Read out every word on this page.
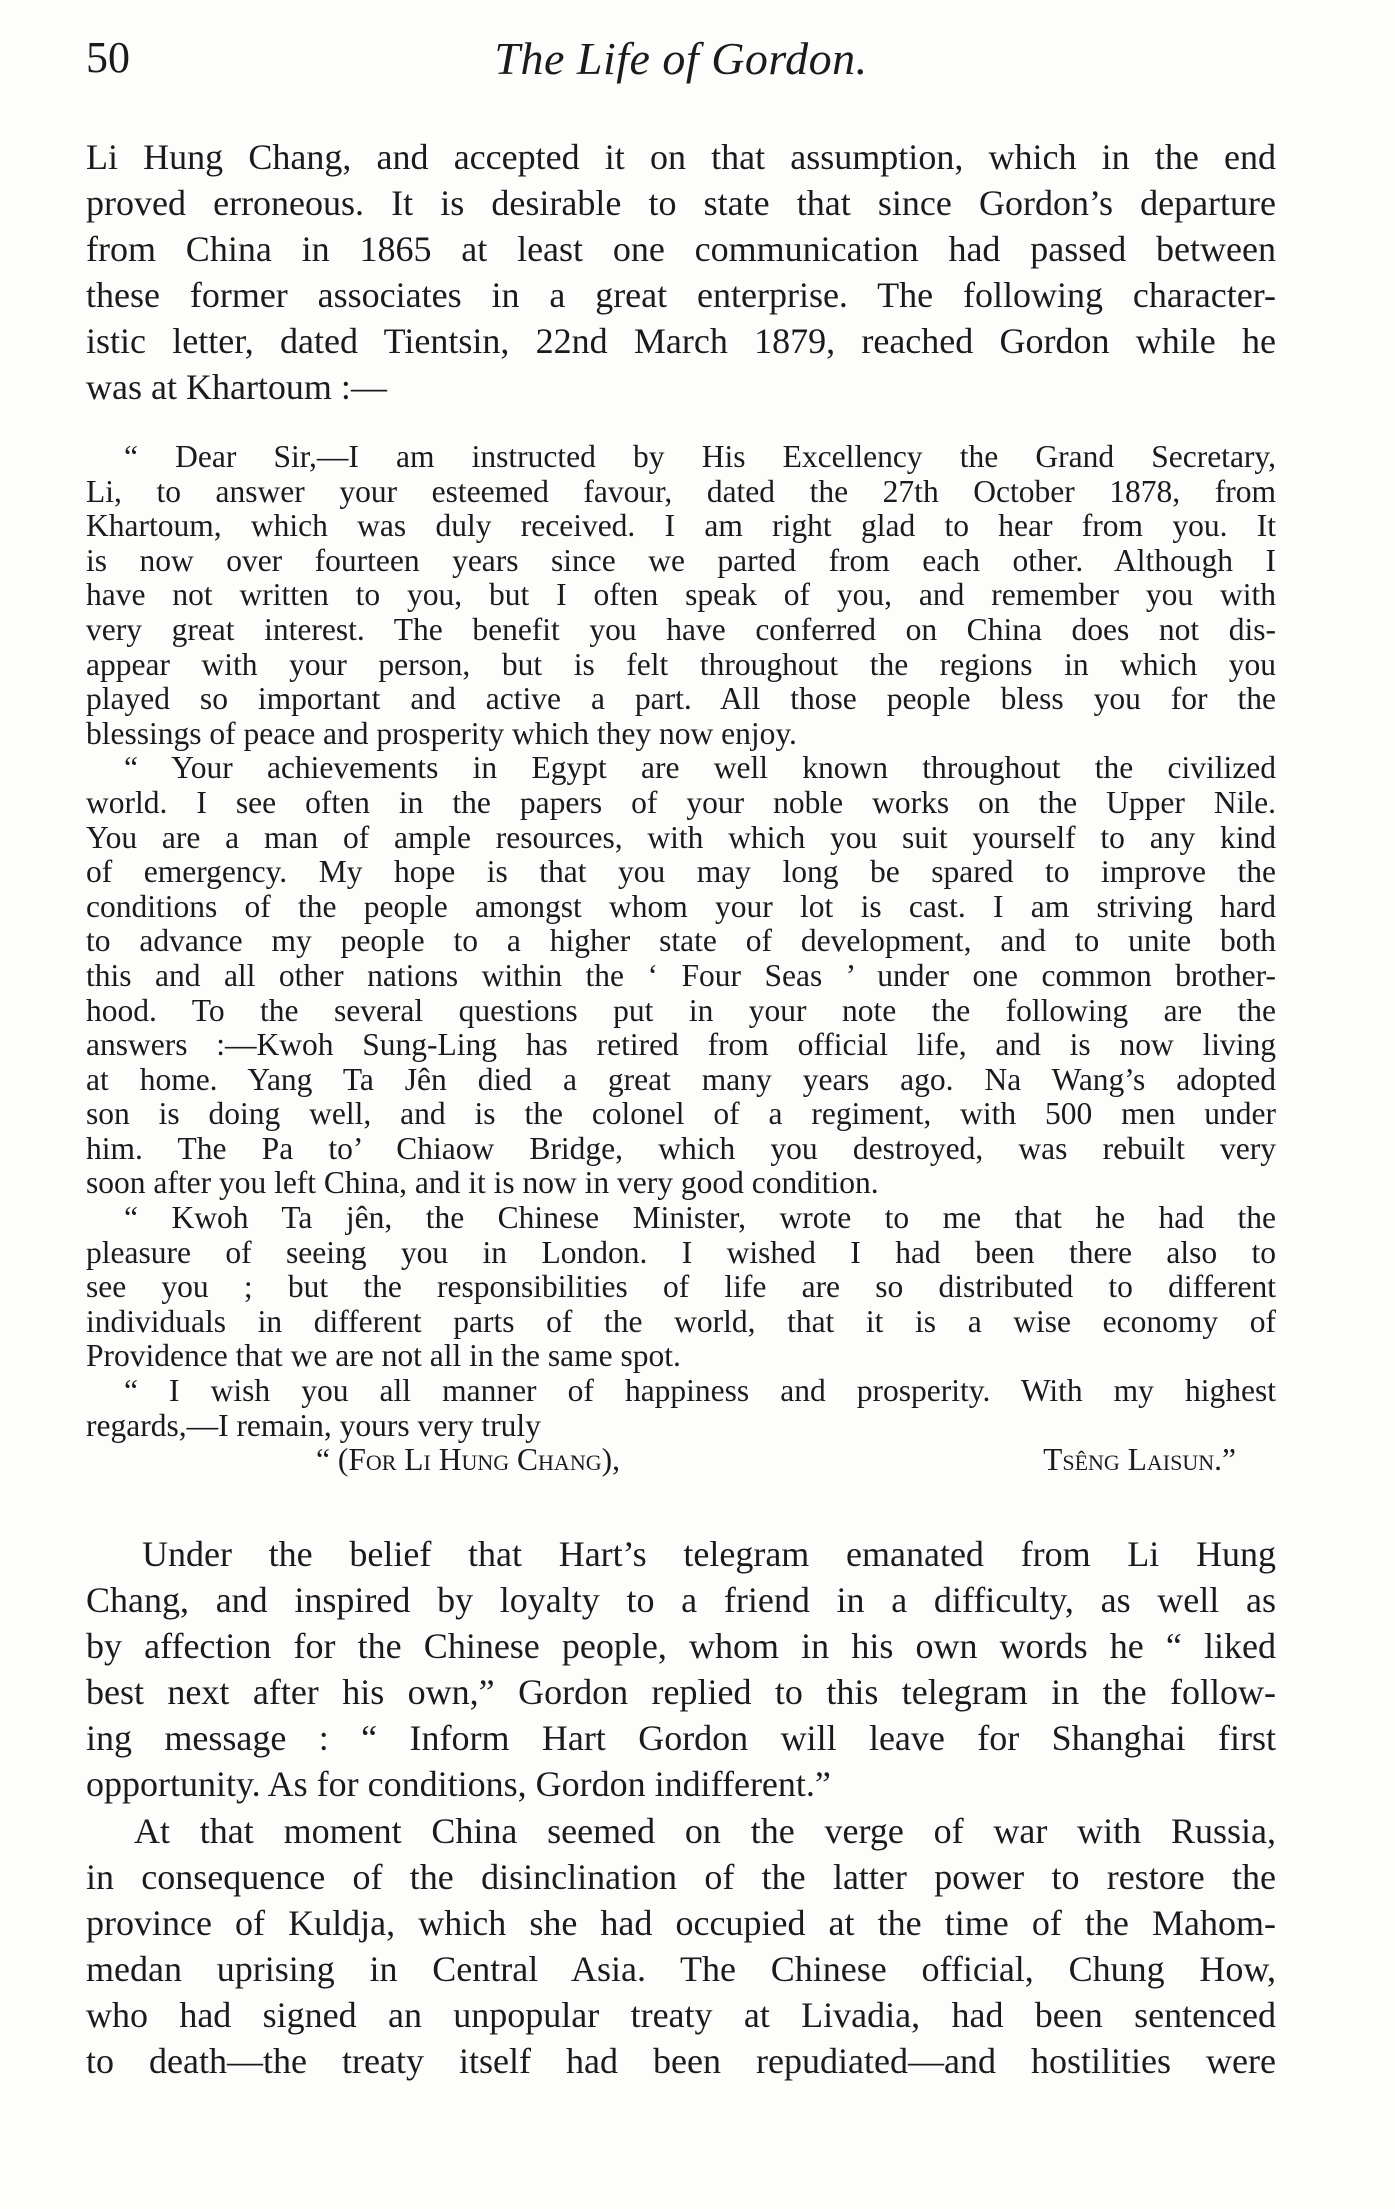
50	The Life of Gordon.
Li Hung Chang, and accepted it on that assumption, which in the end
proved erroneous. It is desirable to state that since Gordon’s departure
from China in 1865 at least one communication had passed between
these former associates in a great enterprise. The following character-
istic letter, dated Tientsin, 22nd March 1879, reached Gordon while he
was at Khartoum :—
“ Dear Sir,—I am instructed by His Excellency the Grand Secretary,
Li, to answer your esteemed favour, dated the 27th October 1878, from
Khartoum, which was duly received. I am right glad to hear from you. It
is now over fourteen years since we parted from each other. Although I
have not written to you, but I often speak of you, and remember you with
very great interest. The benefit you have conferred on China does not dis-
appear with your person, but is felt throughout the regions in which you
played so important and active a part. All those people bless you for the
blessings of peace and prosperity which they now enjoy.
“ Your achievements in Egypt are well known throughout the civilized
world. I see often in the papers of your noble works on the Upper Nile.
You are a man of ample resources, with which you suit yourself to any kind
of emergency. My hope is that you may long be spared to improve the
conditions of the people amongst whom your lot is cast. I am striving hard
to advance my people to a higher state of development, and to unite both
this and all other nations within the ‘ Four Seas ’ under one common brother-
hood. To the several questions put in your note the following are the
answers :—Kwoh Sung-Ling has retired from official life, and is now living
at home. Yang Ta Jên died a great many years ago. Na Wang’s adopted
son is doing well, and is the colonel of a regiment, with 500 men under
him. The Pa to’ Chiaow Bridge, which you destroyed, was rebuilt very
soon after you left China, and it is now in very good condition.
“ Kwoh Ta jên, the Chinese Minister, wrote to me that he had the
pleasure of seeing you in London. I wished I had been there also to
see you ; but the responsibilities of life are so distributed to different
individuals in different parts of the world, that it is a wise economy of
Providence that we are not all in the same spot.
“ I wish you all manner of happiness and prosperity. With my highest
regards,—I remain, yours very truly
“ (For Li Hung Chang),	Tsêng Laisun.”
Under the belief that Hart’s telegram emanated from Li Hung
Chang, and inspired by loyalty to a friend in a difficulty, as well as
by affection for the Chinese people, whom in his own words he “ liked
best next after his own,” Gordon replied to this telegram in the follow-
ing message : “ Inform Hart Gordon will leave for Shanghai first
opportunity. As for conditions, Gordon indifferent.”
At that moment China seemed on the verge of war with Russia,
in consequence of the disinclination of the latter power to restore the
province of Kuldja, which she had occupied at the time of the Mahom-
medan uprising in Central Asia. The Chinese official, Chung How,
who had signed an unpopular treaty at Livadia, had been sentenced
to death—the treaty itself had been repudiated—and hostilities were
